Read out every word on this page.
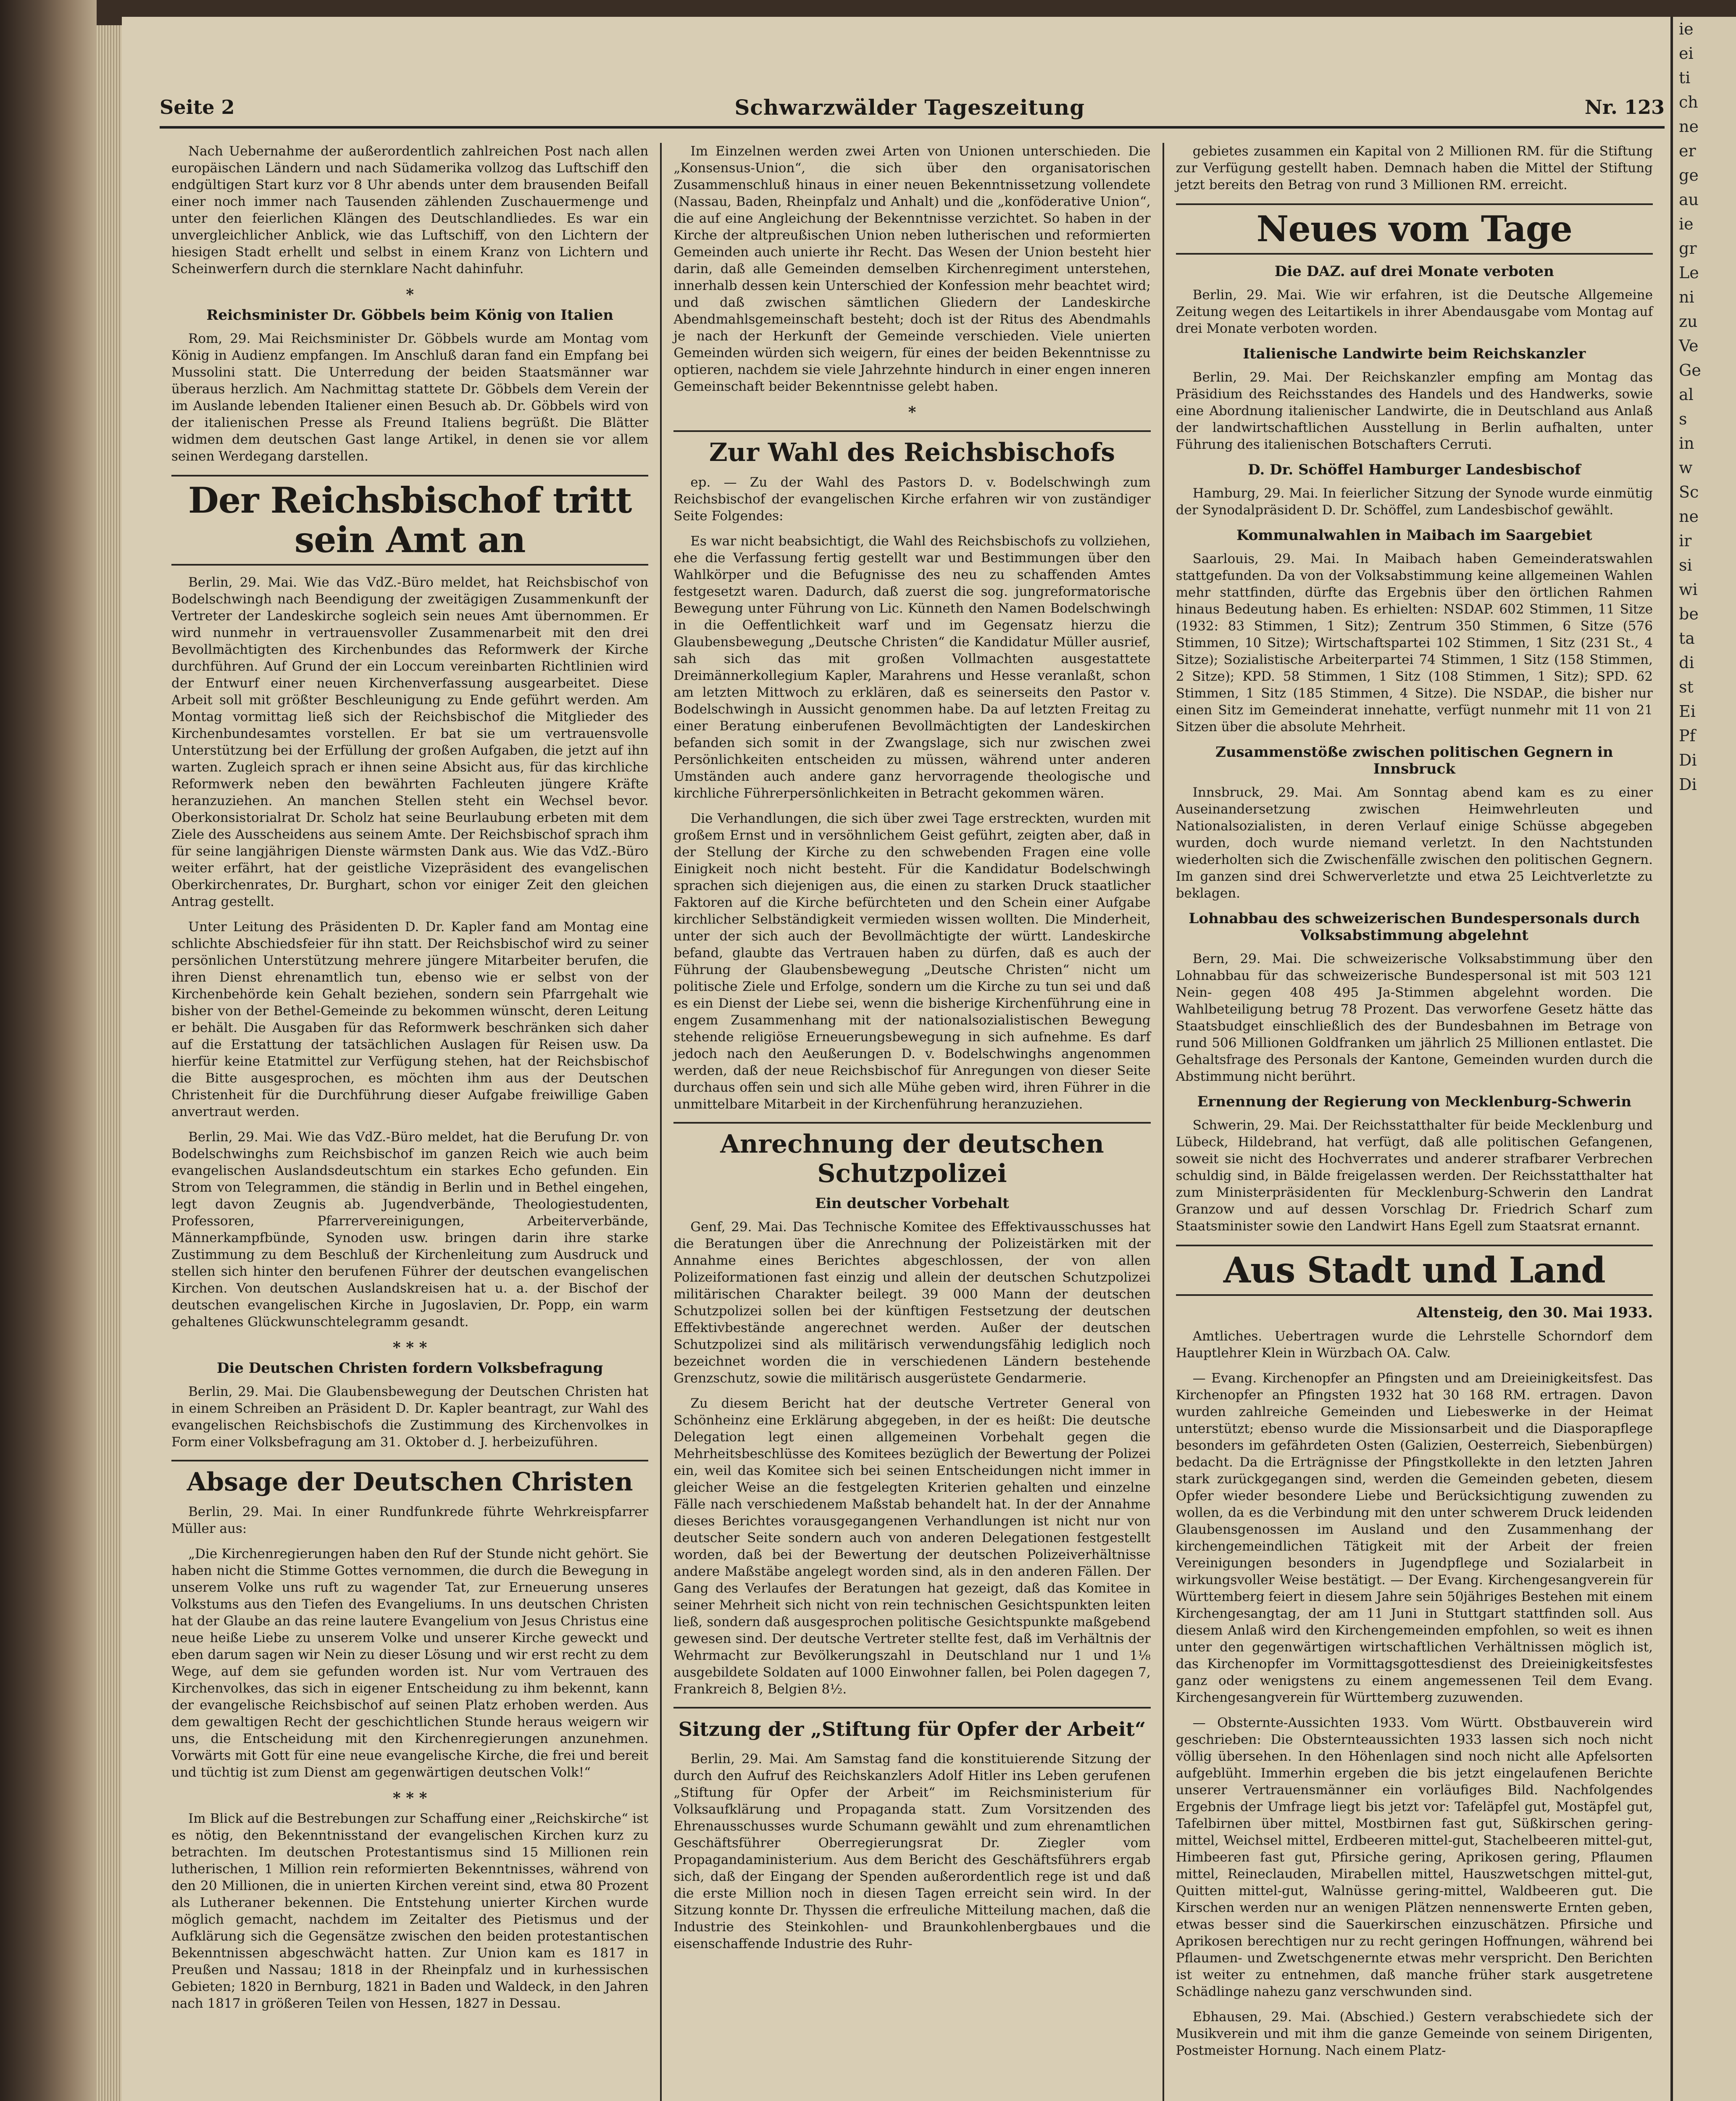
Seite 2	Schwarzwälder Tageszeitung	Nr. 123

Nach Uebernahme der außerordentlich zahlreichen Post nach allen europäischen Ländern und nach Südamerika vollzog das Luftschiff den endgültigen Start kurz vor 8 Uhr abends unter dem brausenden Beifall einer noch immer nach Tausenden zählenden Zuschauermenge und unter den feierlichen Klängen des Deutschlandliedes. Es war ein unvergleichlicher Anblick, wie das Luftschiff, von den Lichtern der hiesigen Stadt erhellt und selbst in einem Kranz von Lichtern und Scheinwerfern durch die sternklare Nacht dahinfuhr.

*
Reichsminister Dr. Göbbels beim König von Italien

Rom, 29. Mai Reichsminister Dr. Göbbels wurde am Montag vom König in Audienz empfangen. Im Anschluß daran fand ein Empfang bei Mussolini statt. Die Unterredung der beiden Staatsmänner war überaus herzlich. Am Nachmittag stattete Dr. Göbbels dem Verein der im Auslande lebenden Italiener einen Besuch ab. Dr. Göbbels wird von der italienischen Presse als Freund Italiens begrüßt. Die Blätter widmen dem deutschen Gast lange Artikel, in denen sie vor allem seinen Werdegang darstellen.

Der Reichsbischof tritt sein Amt an

Berlin, 29. Mai. Wie das VdZ.-Büro meldet, hat Reichsbischof von Bodelschwingh nach Beendigung der zweitägigen Zusammenkunft der Vertreter der Landeskirche sogleich sein neues Amt übernommen. Er wird nunmehr in vertrauensvoller Zusammenarbeit mit den drei Bevollmächtigten des Kirchenbundes das Reformwerk der Kirche durchführen. Auf Grund der ein Loccum vereinbarten Richtlinien wird der Entwurf einer neuen Kirchenverfassung ausgearbeitet. Diese Arbeit soll mit größter Beschleunigung zu Ende geführt werden. Am Montag vormittag ließ sich der Reichsbischof die Mitglieder des Kirchenbundesamtes vorstellen. Er bat sie um vertrauensvolle Unterstützung bei der Erfüllung der großen Aufgaben, die jetzt auf ihn warten. Zugleich sprach er ihnen seine Absicht aus, für das kirchliche Reformwerk neben den bewährten Fachleuten jüngere Kräfte heranzuziehen. An manchen Stellen steht ein Wechsel bevor. Oberkonsistorialrat Dr. Scholz hat seine Beurlaubung erbeten mit dem Ziele des Ausscheidens aus seinem Amte. Der Reichsbischof sprach ihm für seine langjährigen Dienste wärmsten Dank aus. Wie das VdZ.-Büro weiter erfährt, hat der geistliche Vizepräsident des evangelischen Oberkirchenrates, Dr. Burghart, schon vor einiger Zeit den gleichen Antrag gestellt.

Unter Leitung des Präsidenten D. Dr. Kapler fand am Montag eine schlichte Abschiedsfeier für ihn statt. Der Reichsbischof wird zu seiner persönlichen Unterstützung mehrere jüngere Mitarbeiter berufen, die ihren Dienst ehrenamtlich tun, ebenso wie er selbst von der Kirchenbehörde kein Gehalt beziehen, sondern sein Pfarrgehalt wie bisher von der Bethel-Gemeinde zu bekommen wünscht, deren Leitung er behält. Die Ausgaben für das Reformwerk beschränken sich daher auf die Erstattung der tatsächlichen Auslagen für Reisen usw. Da hierfür keine Etatmittel zur Verfügung stehen, hat der Reichsbischof die Bitte ausgesprochen, es möchten ihm aus der Deutschen Christenheit für die Durchführung dieser Aufgabe freiwillige Gaben anvertraut werden.

Berlin, 29. Mai. Wie das VdZ.-Büro meldet, hat die Berufung Dr. von Bodelschwinghs zum Reichsbischof im ganzen Reich wie auch beim evangelischen Auslandsdeutschtum ein starkes Echo gefunden. Ein Strom von Telegrammen, die ständig in Berlin und in Bethel eingehen, legt davon Zeugnis ab. Jugendverbände, Theologiestudenten, Professoren, Pfarrervereinigungen, Arbeiterverbände, Männerkampfbünde, Synoden usw. bringen darin ihre starke Zustimmung zu dem Beschluß der Kirchenleitung zum Ausdruck und stellen sich hinter den berufenen Führer der deutschen evangelischen Kirchen. Von deutschen Auslandskreisen hat u. a. der Bischof der deutschen evangelischen Kirche in Jugoslavien, Dr. Popp, ein warm gehaltenes Glückwunschtelegramm gesandt.

* * *
Die Deutschen Christen fordern Volksbefragung

Berlin, 29. Mai. Die Glaubensbewegung der Deutschen Christen hat in einem Schreiben an Präsident D. Dr. Kapler beantragt, zur Wahl des evangelischen Reichsbischofs die Zustimmung des Kirchenvolkes in Form einer Volksbefragung am 31. Oktober d. J. herbeizuführen.

Absage der Deutschen Christen

Berlin, 29. Mai. In einer Rundfunkrede führte Wehrkreispfarrer Müller aus:

„Die Kirchenregierungen haben den Ruf der Stunde nicht gehört. Sie haben nicht die Stimme Gottes vernommen, die durch die Bewegung in unserem Volke uns ruft zu wagender Tat, zur Erneuerung unseres Volkstums aus den Tiefen des Evangeliums. In uns deutschen Christen hat der Glaube an das reine lautere Evangelium von Jesus Christus eine neue heiße Liebe zu unserem Volke und unserer Kirche geweckt und eben darum sagen wir Nein zu dieser Lösung und wir erst recht zu dem Wege, auf dem sie gefunden worden ist. Nur vom Vertrauen des Kirchenvolkes, das sich in eigener Entscheidung zu ihm bekennt, kann der evangelische Reichsbischof auf seinen Platz erhoben werden. Aus dem gewaltigen Recht der geschichtlichen Stunde heraus weigern wir uns, die Entscheidung mit den Kirchenregierungen anzunehmen. Vorwärts mit Gott für eine neue evangelische Kirche, die frei und bereit und tüchtig ist zum Dienst am gegenwärtigen deutschen Volk!“

* * *

Im Blick auf die Bestrebungen zur Schaffung einer „Reichskirche“ ist es nötig, den Bekenntnisstand der evangelischen Kirchen kurz zu betrachten. Im deutschen Protestantismus sind 15 Millionen rein lutherischen, 1 Million rein reformierten Bekenntnisses, während von den 20 Millionen, die in unierten Kirchen vereint sind, etwa 80 Prozent als Lutheraner bekennen. Die Entstehung unierter Kirchen wurde möglich gemacht, nachdem im Zeitalter des Pietismus und der Aufklärung sich die Gegensätze zwischen den beiden protestantischen Bekenntnissen abgeschwächt hatten. Zur Union kam es 1817 in Preußen und Nassau; 1818 in der Rheinpfalz und in kurhessischen Gebieten; 1820 in Bernburg, 1821 in Baden und Waldeck, in den Jahren nach 1817 in größeren Teilen von Hessen, 1827 in Dessau.

Im Einzelnen werden zwei Arten von Unionen unterschieden. Die „Konsensus-Union“, die sich über den organisatorischen Zusammenschluß hinaus in einer neuen Bekenntnissetzung vollendete (Nassau, Baden, Rheinpfalz und Anhalt) und die „konföderative Union“, die auf eine Angleichung der Bekenntnisse verzichtet. So haben in der Kirche der altpreußischen Union neben lutherischen und reformierten Gemeinden auch unierte ihr Recht. Das Wesen der Union besteht hier darin, daß alle Gemeinden demselben Kirchenregiment unterstehen, innerhalb dessen kein Unterschied der Konfession mehr beachtet wird; und daß zwischen sämtlichen Gliedern der Landeskirche Abendmahlsgemeinschaft besteht; doch ist der Ritus des Abendmahls je nach der Herkunft der Gemeinde verschieden. Viele unierten Gemeinden würden sich weigern, für eines der beiden Bekenntnisse zu optieren, nachdem sie viele Jahrzehnte hindurch in einer engen inneren Gemeinschaft beider Bekenntnisse gelebt haben.

*
Zur Wahl des Reichsbischofs

ep. — Zu der Wahl des Pastors D. v. Bodelschwingh zum Reichsbischof der evangelischen Kirche erfahren wir von zuständiger Seite Folgendes:

Es war nicht beabsichtigt, die Wahl des Reichsbischofs zu vollziehen, ehe die Verfassung fertig gestellt war und Bestimmungen über den Wahlkörper und die Befugnisse des neu zu schaffenden Amtes festgesetzt waren. Dadurch, daß zuerst die sog. jungreformatorische Bewegung unter Führung von Lic. Künneth den Namen Bodelschwingh in die Oeffentlichkeit warf und im Gegensatz hierzu die Glaubensbewegung „Deutsche Christen“ die Kandidatur Müller ausrief, sah sich das mit großen Vollmachten ausgestattete Dreimännerkollegium Kapler, Marahrens und Hesse veranlaßt, schon am letzten Mittwoch zu erklären, daß es seinerseits den Pastor v. Bodelschwingh in Aussicht genommen habe. Da auf letzten Freitag zu einer Beratung einberufenen Bevollmächtigten der Landeskirchen befanden sich somit in der Zwangslage, sich nur zwischen zwei Persönlichkeiten entscheiden zu müssen, während unter anderen Umständen auch andere ganz hervorragende theologische und kirchliche Führerpersönlichkeiten in Betracht gekommen wären.

Die Verhandlungen, die sich über zwei Tage erstreckten, wurden mit großem Ernst und in versöhnlichem Geist geführt, zeigten aber, daß in der Stellung der Kirche zu den schwebenden Fragen eine volle Einigkeit noch nicht besteht. Für die Kandidatur Bodelschwingh sprachen sich diejenigen aus, die einen zu starken Druck staatlicher Faktoren auf die Kirche befürchteten und den Schein einer Aufgabe kirchlicher Selbständigkeit vermieden wissen wollten. Die Minderheit, unter der sich auch der Bevollmächtigte der württ. Landeskirche befand, glaubte das Vertrauen haben zu dürfen, daß es auch der Führung der Glaubensbewegung „Deutsche Christen“ nicht um politische Ziele und Erfolge, sondern um die Kirche zu tun sei und daß es ein Dienst der Liebe sei, wenn die bisherige Kirchenführung eine in engem Zusammenhang mit der nationalsozialistischen Bewegung stehende religiöse Erneuerungsbewegung in sich aufnehme. Es darf jedoch nach den Aeußerungen D. v. Bodelschwinghs angenommen werden, daß der neue Reichsbischof für Anregungen von dieser Seite durchaus offen sein und sich alle Mühe geben wird, ihren Führer in die unmittelbare Mitarbeit in der Kirchenführung heranzuziehen.

Anrechnung der deutschen Schutzpolizei
Ein deutscher Vorbehalt

Genf, 29. Mai. Das Technische Komitee des Effektivausschusses hat die Beratungen über die Anrechnung der Polizeistärken mit der Annahme eines Berichtes abgeschlossen, der von allen Polizeiformationen fast einzig und allein der deutschen Schutzpolizei militärischen Charakter beilegt. 39 000 Mann der deutschen Schutzpolizei sollen bei der künftigen Festsetzung der deutschen Effektivbestände angerechnet werden. Außer der deutschen Schutzpolizei sind als militärisch verwendungsfähig lediglich noch bezeichnet worden die in verschiedenen Ländern bestehende Grenzschutz, sowie die militärisch ausgerüstete Gendarmerie.

Zu diesem Bericht hat der deutsche Vertreter General von Schönheinz eine Erklärung abgegeben, in der es heißt: Die deutsche Delegation legt einen allgemeinen Vorbehalt gegen die Mehrheitsbeschlüsse des Komitees bezüglich der Bewertung der Polizei ein, weil das Komitee sich bei seinen Entscheidungen nicht immer in gleicher Weise an die festgelegten Kriterien gehalten und einzelne Fälle nach verschiedenem Maßstab behandelt hat. In der der Annahme dieses Berichtes vorausgegangenen Verhandlungen ist nicht nur von deutscher Seite sondern auch von anderen Delegationen festgestellt worden, daß bei der Bewertung der deutschen Polizeiverhältnisse andere Maßstäbe angelegt worden sind, als in den anderen Fällen. Der Gang des Verlaufes der Beratungen hat gezeigt, daß das Komitee in seiner Mehrheit sich nicht von rein technischen Gesichtspunkten leiten ließ, sondern daß ausgesprochen politische Gesichtspunkte maßgebend gewesen sind. Der deutsche Vertreter stellte fest, daß im Verhältnis der Wehrmacht zur Bevölkerungszahl in Deutschland nur 1 und 1⅛ ausgebildete Soldaten auf 1000 Einwohner fallen, bei Polen dagegen 7, Frankreich 8, Belgien 8½.

Sitzung der „Stiftung für Opfer der Arbeit“

Berlin, 29. Mai. Am Samstag fand die konstituierende Sitzung der durch den Aufruf des Reichskanzlers Adolf Hitler ins Leben gerufenen „Stiftung für Opfer der Arbeit“ im Reichsministerium für Volksaufklärung und Propaganda statt. Zum Vorsitzenden des Ehrenausschusses wurde Schumann gewählt und zum ehrenamtlichen Geschäftsführer Oberregierungsrat Dr. Ziegler vom Propagandaministerium. Aus dem Bericht des Geschäftsführers ergab sich, daß der Eingang der Spenden außerordentlich rege ist und daß die erste Million noch in diesen Tagen erreicht sein wird. In der Sitzung konnte Dr. Thyssen die erfreuliche Mitteilung machen, daß die Industrie des Steinkohlen- und Braunkohlenbergbaues und die eisenschaffende Industrie des Ruhr-

gebietes zusammen ein Kapital von 2 Millionen RM. für die Stiftung zur Verfügung gestellt haben. Demnach haben die Mittel der Stiftung jetzt bereits den Betrag von rund 3 Millionen RM. erreicht.

Neues vom Tage
Die DAZ. auf drei Monate verboten

Berlin, 29. Mai. Wie wir erfahren, ist die Deutsche Allgemeine Zeitung wegen des Leitartikels in ihrer Abendausgabe vom Montag auf drei Monate verboten worden.

Italienische Landwirte beim Reichskanzler

Berlin, 29. Mai. Der Reichskanzler empfing am Montag das Präsidium des Reichsstandes des Handels und des Handwerks, sowie eine Abordnung italienischer Landwirte, die in Deutschland aus Anlaß der landwirtschaftlichen Ausstellung in Berlin aufhalten, unter Führung des italienischen Botschafters Cerruti.

D. Dr. Schöffel Hamburger Landesbischof

Hamburg, 29. Mai. In feierlicher Sitzung der Synode wurde einmütig der Synodalpräsident D. Dr. Schöffel, zum Landesbischof gewählt.

Kommunalwahlen in Maibach im Saargebiet

Saarlouis, 29. Mai. In Maibach haben Gemeinderatswahlen stattgefunden. Da von der Volksabstimmung keine allgemeinen Wahlen mehr stattfinden, dürfte das Ergebnis über den örtlichen Rahmen hinaus Bedeutung haben. Es erhielten: NSDAP. 602 Stimmen, 11 Sitze (1932: 83 Stimmen, 1 Sitz); Zentrum 350 Stimmen, 6 Sitze (576 Stimmen, 10 Sitze); Wirtschaftspartei 102 Stimmen, 1 Sitz (231 St., 4 Sitze); Sozialistische Arbeiterpartei 74 Stimmen, 1 Sitz (158 Stimmen, 2 Sitze); KPD. 58 Stimmen, 1 Sitz (108 Stimmen, 1 Sitz); SPD. 62 Stimmen, 1 Sitz (185 Stimmen, 4 Sitze). Die NSDAP., die bisher nur einen Sitz im Gemeinderat innehatte, verfügt nunmehr mit 11 von 21 Sitzen über die absolute Mehrheit.

Zusammenstöße zwischen politischen Gegnern in Innsbruck

Innsbruck, 29. Mai. Am Sonntag abend kam es zu einer Auseinandersetzung zwischen Heimwehrleuten und Nationalsozialisten, in deren Verlauf einige Schüsse abgegeben wurden, doch wurde niemand verletzt. In den Nachtstunden wiederholten sich die Zwischenfälle zwischen den politischen Gegnern. Im ganzen sind drei Schwerverletzte und etwa 25 Leichtverletzte zu beklagen.

Lohnabbau des schweizerischen Bundespersonals durch Volksabstimmung abgelehnt

Bern, 29. Mai. Die schweizerische Volksabstimmung über den Lohnabbau für das schweizerische Bundespersonal ist mit 503 121 Nein- gegen 408 495 Ja-Stimmen abgelehnt worden. Die Wahlbeteiligung betrug 78 Prozent. Das verworfene Gesetz hätte das Staatsbudget einschließlich des der Bundesbahnen im Betrage von rund 506 Millionen Goldfranken um jährlich 25 Millionen entlastet. Die Gehaltsfrage des Personals der Kantone, Gemeinden wurden durch die Abstimmung nicht berührt.

Ernennung der Regierung von Mecklenburg-Schwerin

Schwerin, 29. Mai. Der Reichsstatthalter für beide Mecklenburg und Lübeck, Hildebrand, hat verfügt, daß alle politischen Gefangenen, soweit sie nicht des Hochverrates und anderer strafbarer Verbrechen schuldig sind, in Bälde freigelassen werden. Der Reichsstatthalter hat zum Ministerpräsidenten für Mecklenburg-Schwerin den Landrat Granzow und auf dessen Vorschlag Dr. Friedrich Scharf zum Staatsminister sowie den Landwirt Hans Egell zum Staatsrat ernannt.

Aus Stadt und Land
Altensteig, den 30. Mai 1933.

Amtliches. Uebertragen wurde die Lehrstelle Schorndorf dem Hauptlehrer Klein in Würzbach OA. Calw.

— Evang. Kirchenopfer an Pfingsten und am Dreieinigkeitsfest. Das Kirchenopfer an Pfingsten 1932 hat 30 168 RM. ertragen. Davon wurden zahlreiche Gemeinden und Liebeswerke in der Heimat unterstützt; ebenso wurde die Missionsarbeit und die Diasporapflege besonders im gefährdeten Osten (Galizien, Oesterreich, Siebenbürgen) bedacht. Da die Erträgnisse der Pfingstkollekte in den letzten Jahren stark zurückgegangen sind, werden die Gemeinden gebeten, diesem Opfer wieder besondere Liebe und Berücksichtigung zuwenden zu wollen, da es die Verbindung mit den unter schwerem Druck leidenden Glaubensgenossen im Ausland und den Zusammenhang der kirchengemeindlichen Tätigkeit mit der Arbeit der freien Vereinigungen besonders in Jugendpflege und Sozialarbeit in wirkungsvoller Weise bestätigt. — Der Evang. Kirchengesangverein für Württemberg feiert in diesem Jahre sein 50jähriges Bestehen mit einem Kirchengesangtag, der am 11 Juni in Stuttgart stattfinden soll. Aus diesem Anlaß wird den Kirchengemeinden empfohlen, so weit es ihnen unter den gegenwärtigen wirtschaftlichen Verhältnissen möglich ist, das Kirchenopfer im Vormittagsgottesdienst des Dreieinigkeitsfestes ganz oder wenigstens zu einem angemessenen Teil dem Evang. Kirchengesangverein für Württemberg zuzuwenden.

— Obsternte-Aussichten 1933. Vom Württ. Obstbauverein wird geschrieben: Die Obsternteaussichten 1933 lassen sich noch nicht völlig übersehen. In den Höhenlagen sind noch nicht alle Apfelsorten aufgeblüht. Immerhin ergeben die bis jetzt eingelaufenen Berichte unserer Vertrauensmänner ein vorläufiges Bild. Nachfolgendes Ergebnis der Umfrage liegt bis jetzt vor: Tafeläpfel gut, Mostäpfel gut, Tafelbirnen über mittel, Mostbirnen fast gut, Süßkirschen gering-mittel, Weichsel mittel, Erdbeeren mittel-gut, Stachelbeeren mittel-gut, Himbeeren fast gut, Pfirsiche gering, Aprikosen gering, Pflaumen mittel, Reineclauden, Mirabellen mittel, Hauszwetschgen mittel-gut, Quitten mittel-gut, Walnüsse gering-mittel, Waldbeeren gut. Die Kirschen werden nur an wenigen Plätzen nennenswerte Ernten geben, etwas besser sind die Sauerkirschen einzuschätzen. Pfirsiche und Aprikosen berechtigen nur zu recht geringen Hoffnungen, während bei Pflaumen- und Zwetschgenernte etwas mehr verspricht. Den Berichten ist weiter zu entnehmen, daß manche früher stark ausgetretene Schädlinge nahezu ganz verschwunden sind.

Ebhausen, 29. Mai. (Abschied.) Gestern verabschiedete sich der Musikverein und mit ihm die ganze Gemeinde von seinem Dirigenten, Postmeister Hornung. Nach einem Platz-

ie
ei
ti
ch
ne
er
ge
au
ie
gr
Le
ni
zu
Ve
Ge
al
s
in
w
Sc
ne
ir
si
wi
be
ta
di
st
Ei
Pf
Di
Di
